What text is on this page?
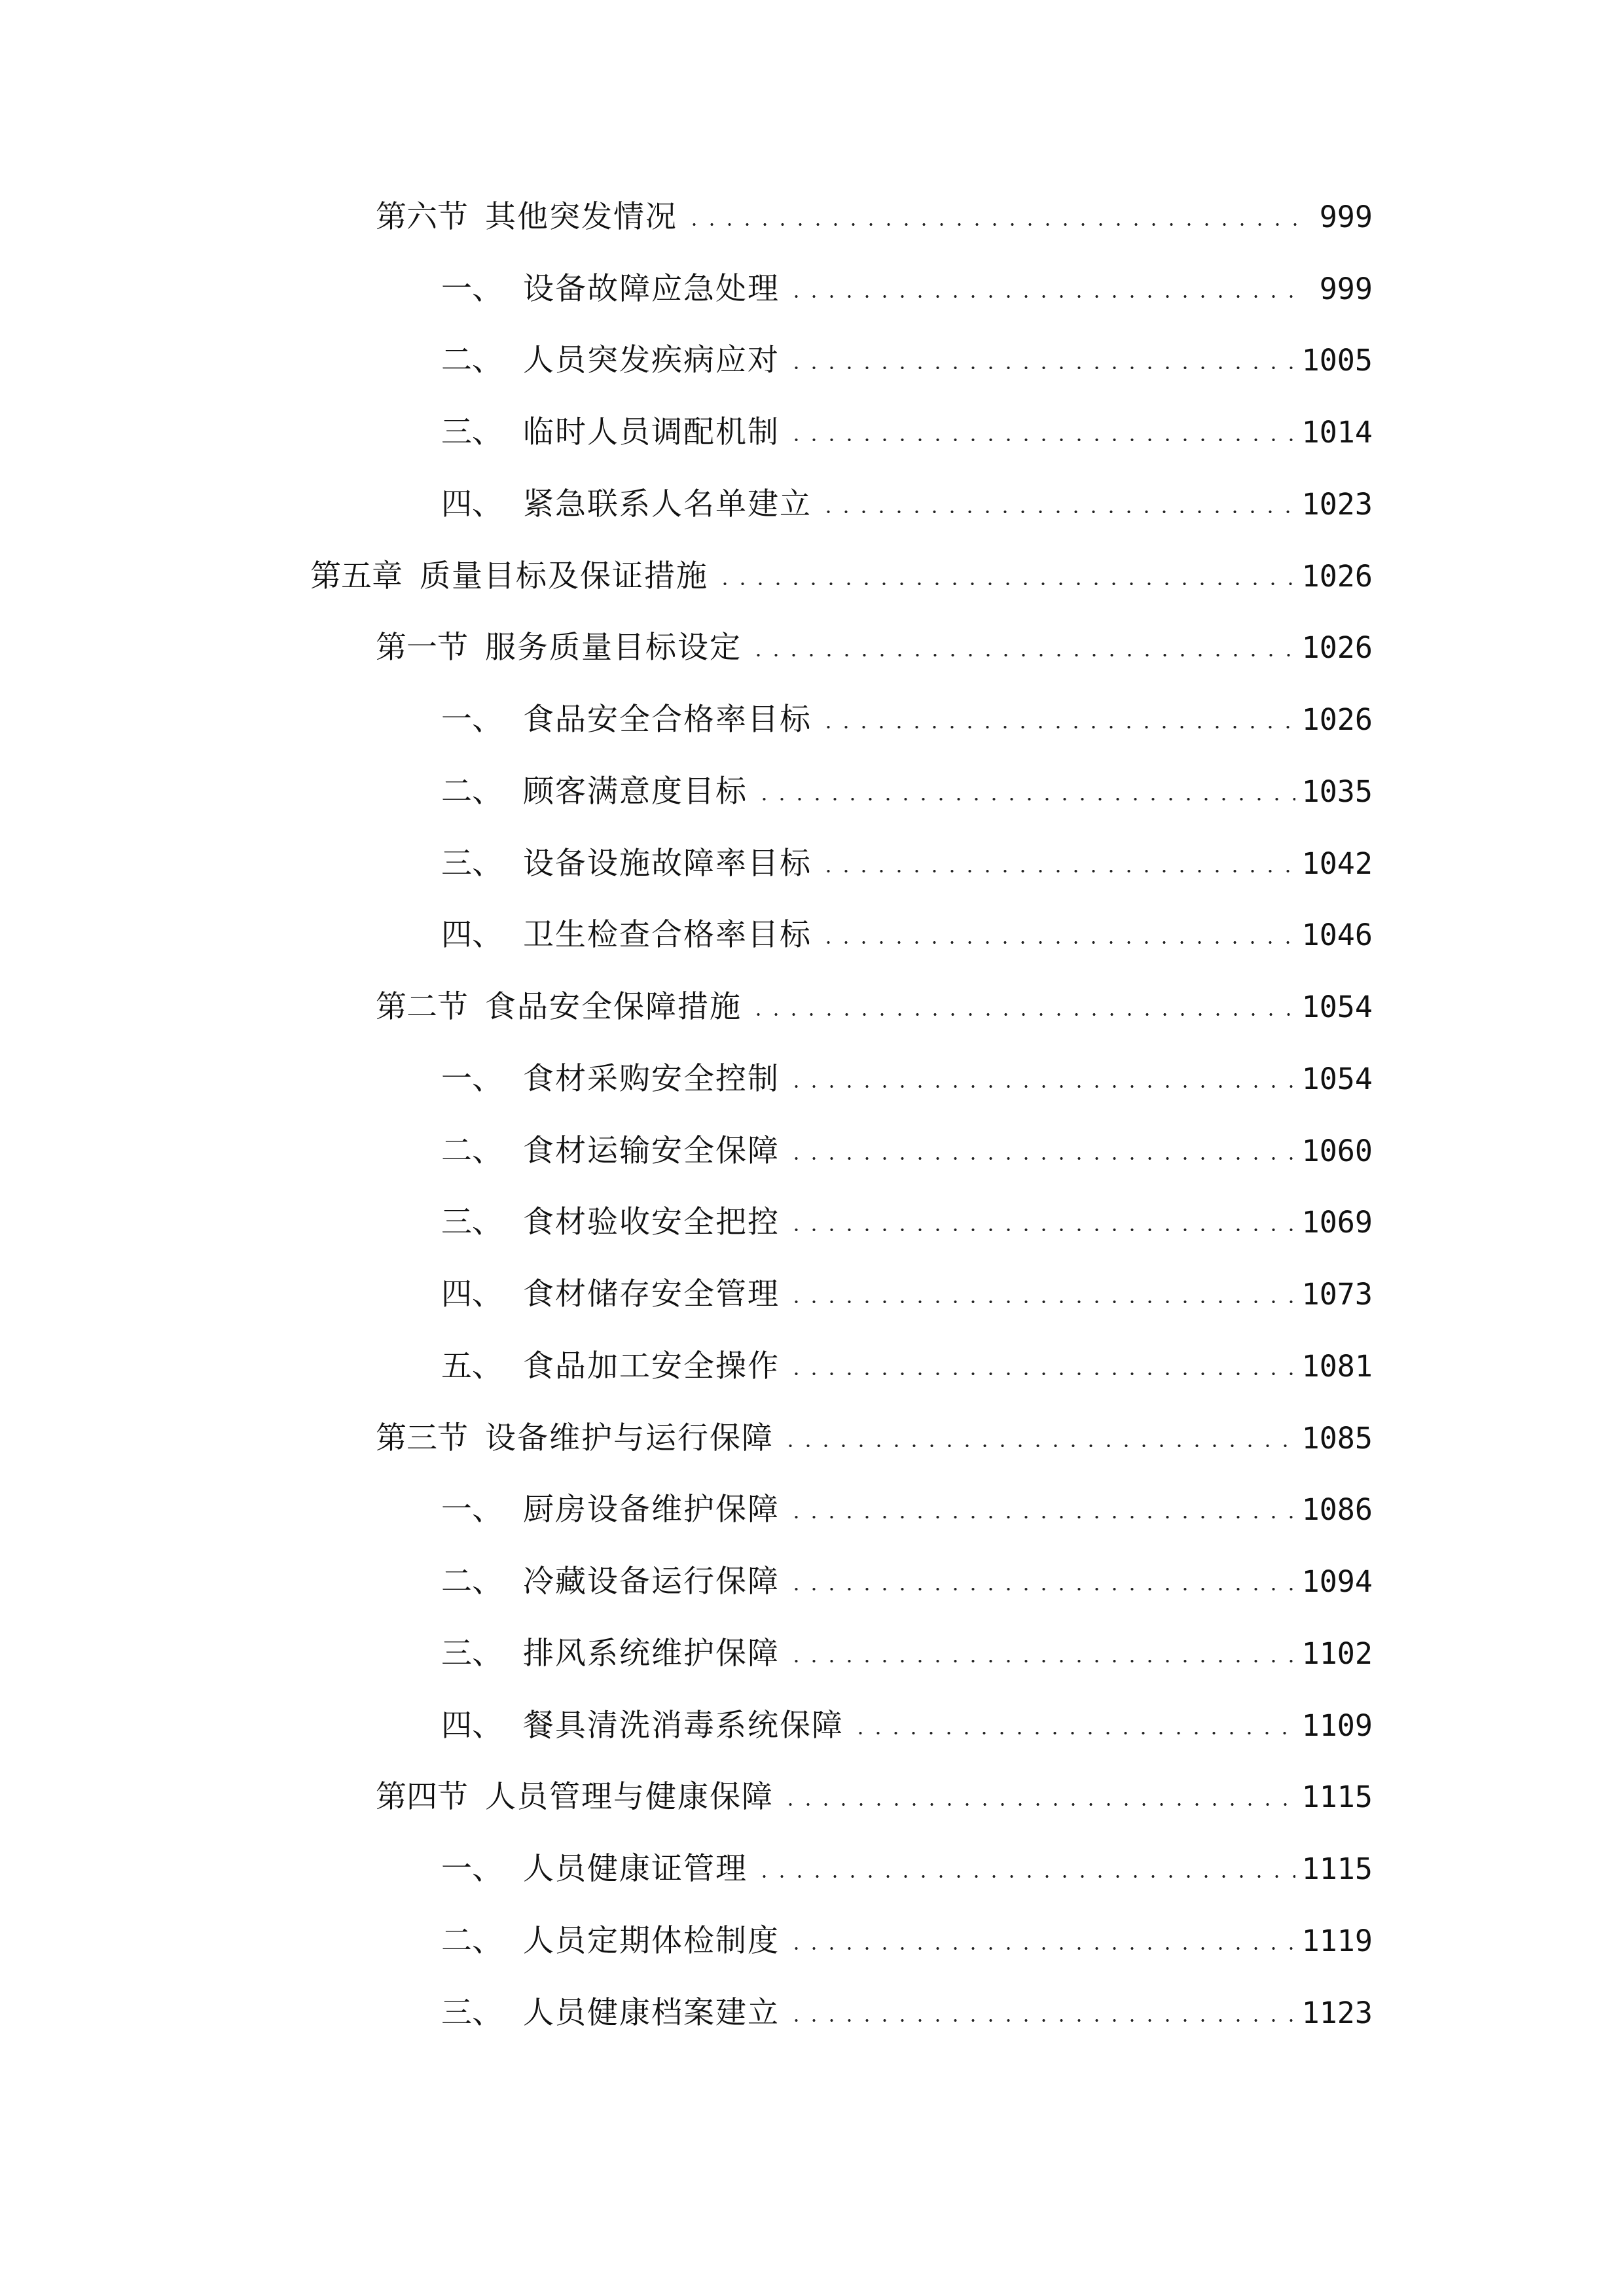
第六节 其他突发情况	999
一、 设备故障应急处理	999
二、 人员突发疾病应对	1005
三、 临时人员调配机制	1014
四、 紧急联系人名单建立	1023
第五章 质量目标及保证措施	1026
第一节 服务质量目标设定	1026
一、 食品安全合格率目标	1026
二、 顾客满意度目标	1035
三、 设备设施故障率目标	1042
四、 卫生检查合格率目标	1046
第二节 食品安全保障措施	1054
一、 食材采购安全控制	1054
二、 食材运输安全保障	1060
三、 食材验收安全把控	1069
四、 食材储存安全管理	1073
五、 食品加工安全操作	1081
第三节 设备维护与运行保障	1085
一、 厨房设备维护保障	1086
二、 冷藏设备运行保障	1094
三、 排风系统维护保障	1102
四、 餐具清洗消毒系统保障	1109
第四节 人员管理与健康保障	1115
一、 人员健康证管理	1115
二、 人员定期体检制度	1119
三、 人员健康档案建立	1123
